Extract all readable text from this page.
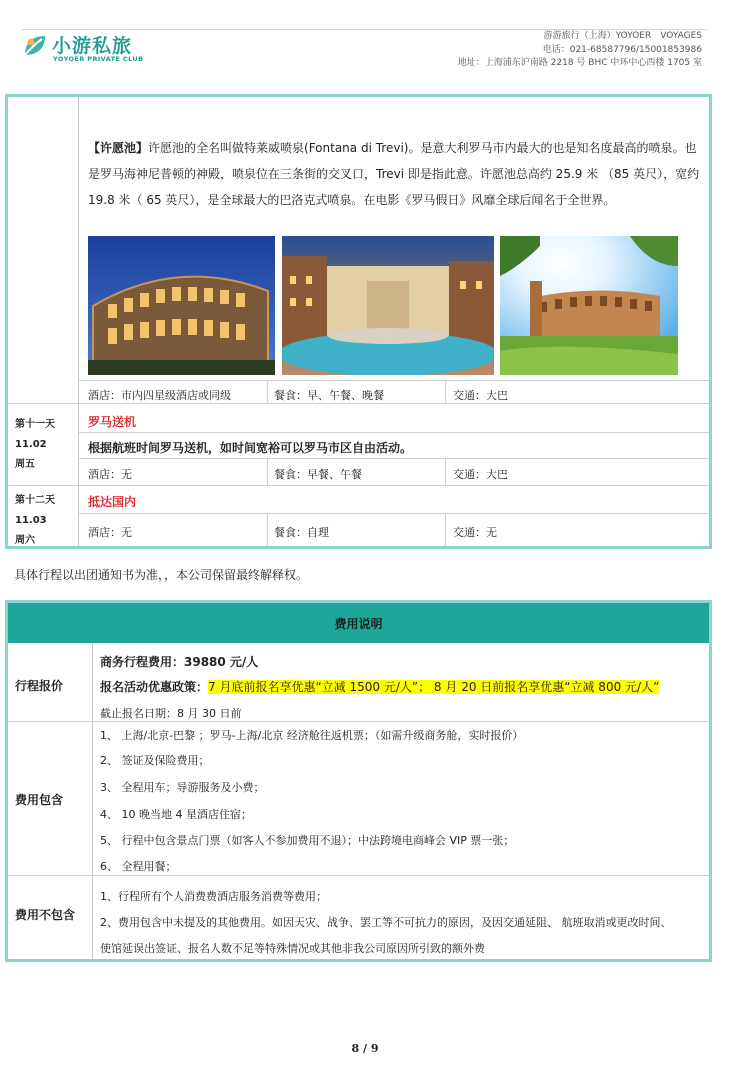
小游私旅
YOYOER PRIVATE CLUB
游游旅行（上海）YOYOER　VOYAGES
电话：021-68587796/15001853986
地址：上海浦东沪南路 2218 号 BHC 中环中心西楼 1705 室
【许愿池】许愿池的全名叫做特莱威喷泉(Fontana di Trevi)。是意大利罗马市内最大的也是知名度最高的喷泉。也是罗马海神尼普顿的神殿，喷泉位在三条街的交叉口，Trevi 即是指此意。许愿池总高约 25.9 米 （85 英尺），宽约 19.8 米（ 65 英尺），是全球最大的巴洛克式喷泉。在电影《罗马假日》风靡全球后闻名于全世界。
酒店：市内四星级酒店或同级	餐食：早、午餐、晚餐	交通：大巴
第十一天
11.02
周五
罗马送机
根据航班时间罗马送机，如时间宽裕可以罗马市区自由活动。
酒店：无	餐食：早餐、午餐	交通：大巴
第十二天
11.03
周六
抵达国内
酒店：无	餐食：自理	交通：无
具体行程以出团通知书为准，，本公司保留最终解释权。
费用说明
行程报价
商务行程费用：39880 元/人
报名活动优惠政策：7 月底前报名享优惠“立减 1500 元/人”； 8 月 20 日前报名享优惠“立减 800 元/人”
截止报名日期：8 月 30 日前
费用包含
1、 上海/北京-巴黎 ；罗马-上海/北京 经济舱往返机票；（如需升级商务舱，实时报价）
2、 签证及保险费用；
3、 全程用车；导游服务及小费；
4、 10 晚当地 4 星酒店住宿；
5、 行程中包含景点门票（如客人不参加费用不退）；中法跨境电商峰会 VIP 票一张；
6、 全程用餐；
费用不包含
1、行程所有个人消费费酒店服务消费等费用；
2、费用包含中未提及的其他费用。如因天灾、战争、罢工等不可抗力的原因，及因交通延阻、 航班取消或更改时间、
使馆延误出签证、报名人数不足等特殊情况或其他非我公司原因所引致的额外费
8 / 9
